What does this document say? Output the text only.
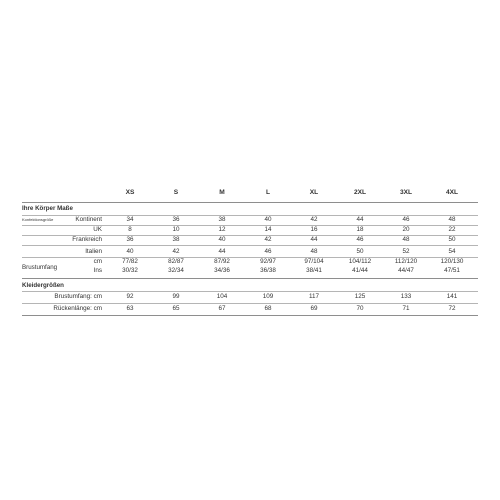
XS	S	M	L	XL	2XL	3XL	4XL
Ihre Körper Maße
Konfektionsgröße
Brustumfang
Kontinent	34	36	38	40	42	44	46	48
UK	8	10	12	14	16	18	20	22
Frankreich	36	38	40	42	44	46	48	50
Italien	40	42	44	46	48	50	52	54
cm	77/82	82/87	87/92	92/97	97/104	104/112	112/120	120/130
Ins	30/32	32/34	34/36	36/38	38/41	41/44	44/47	47/51
Kleidergrößen
Brustumfang: cm	92	99	104	109	117	125	133	141
Rückenlänge: cm	63	65	67	68	69	70	71	72
